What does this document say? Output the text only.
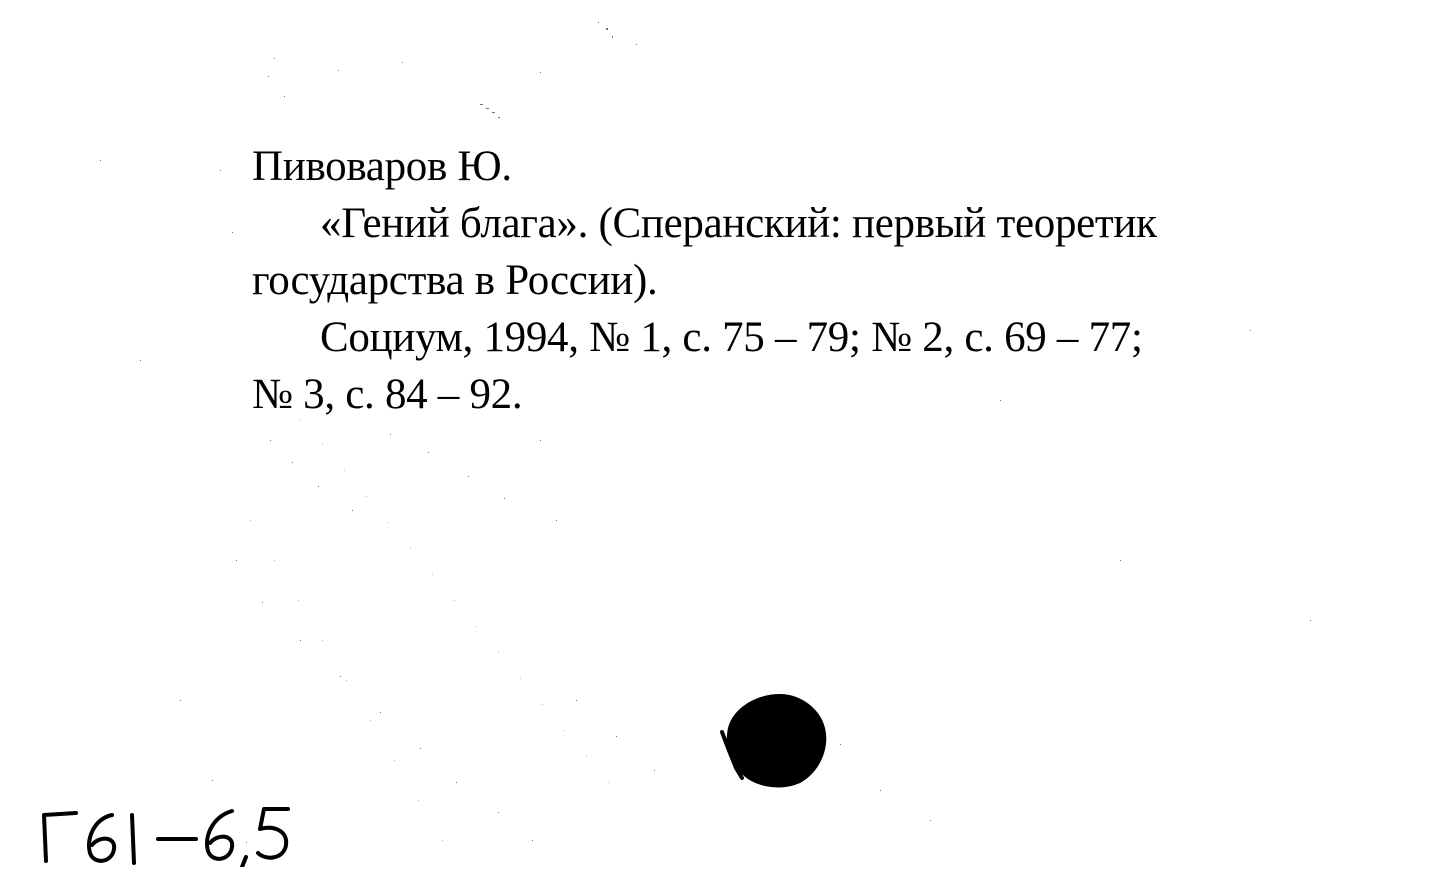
Пивоваров Ю.
«Гений блага». (Сперанский: первый теоретик
государства в России).
Социум, 1994, № 1, с. 75 – 79; № 2, с. 69 – 77;
№ 3, с. 84 – 92.
